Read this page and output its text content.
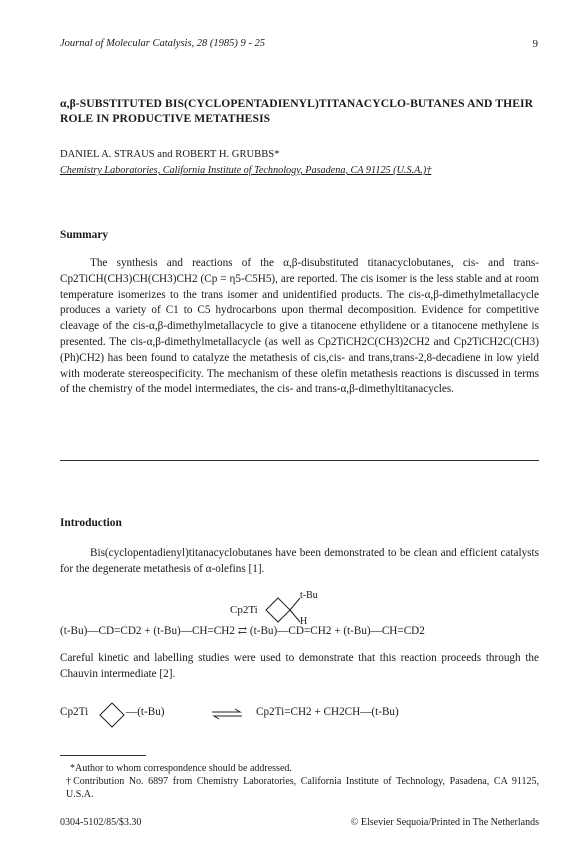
Journal of Molecular Catalysis, 28 (1985) 9 - 25	9
α,β-SUBSTITUTED BIS(CYCLOPENTADIENYL)TITANACYCLO-BUTANES AND THEIR ROLE IN PRODUCTIVE METATHESIS
DANIEL A. STRAUS and ROBERT H. GRUBBS*
Chemistry Laboratories, California Institute of Technology, Pasadena, CA 91125 (U.S.A.)†
Summary

The synthesis and reactions of the α,β-disubstituted titanacyclobutanes, cis- and trans-Cp2TiCH(CH3)CH(CH3)CH2 (Cp = η5-C5H5), are reported. The cis isomer is the less stable and at room temperature isomerizes to the trans isomer and unidentified products. The cis-α,β-dimethylmetallacycle produces a variety of C1 to C5 hydrocarbons upon thermal decomposition. Evidence for competitive cleavage of the cis-α,β-dimethylmetallacycle to give a titanocene ethylidene or a titanocene methylene is presented. The cis-α,β-dimethylmetallacycle (as well as Cp2TiCH2C(CH3)2CH2 and Cp2TiCH2C(CH3)(Ph)CH2) has been found to catalyze the metathesis of cis,cis- and trans,trans-2,8-decadiene in low yield with moderate stereospecificity. The mechanism of these olefin metathesis reactions is discussed in terms of the chemistry of the model intermediates, the cis- and trans-α,β-dimethyltitanacycles.

Introduction

Bis(cyclopentadienyl)titanacyclobutanes have been demonstrated to be clean and efficient catalysts for the degenerate metathesis of α-olefins [1].

Cp2Ti
t-Bu
H
(t-Bu)—CD=CD2 + (t-Bu)—CH=CH2 ⇄ (t-Bu)—CD=CH2 + (t-Bu)—CH=CD2

Careful kinetic and labelling studies were used to demonstrate that this reaction proceeds through the Chauvin intermediate [2].

Cp2Ti	—(t-Bu)	⇌ Cp2Ti=CH2 + CH2CH—(t-Bu)

*Author to whom correspondence should be addressed.

†Contribution No. 6897 from Chemistry Laboratories, California Institute of Technology, Pasadena, CA 91125, U.S.A.

0304-5102/85/$3.30	© Elsevier Sequoia/Printed in The Netherlands
